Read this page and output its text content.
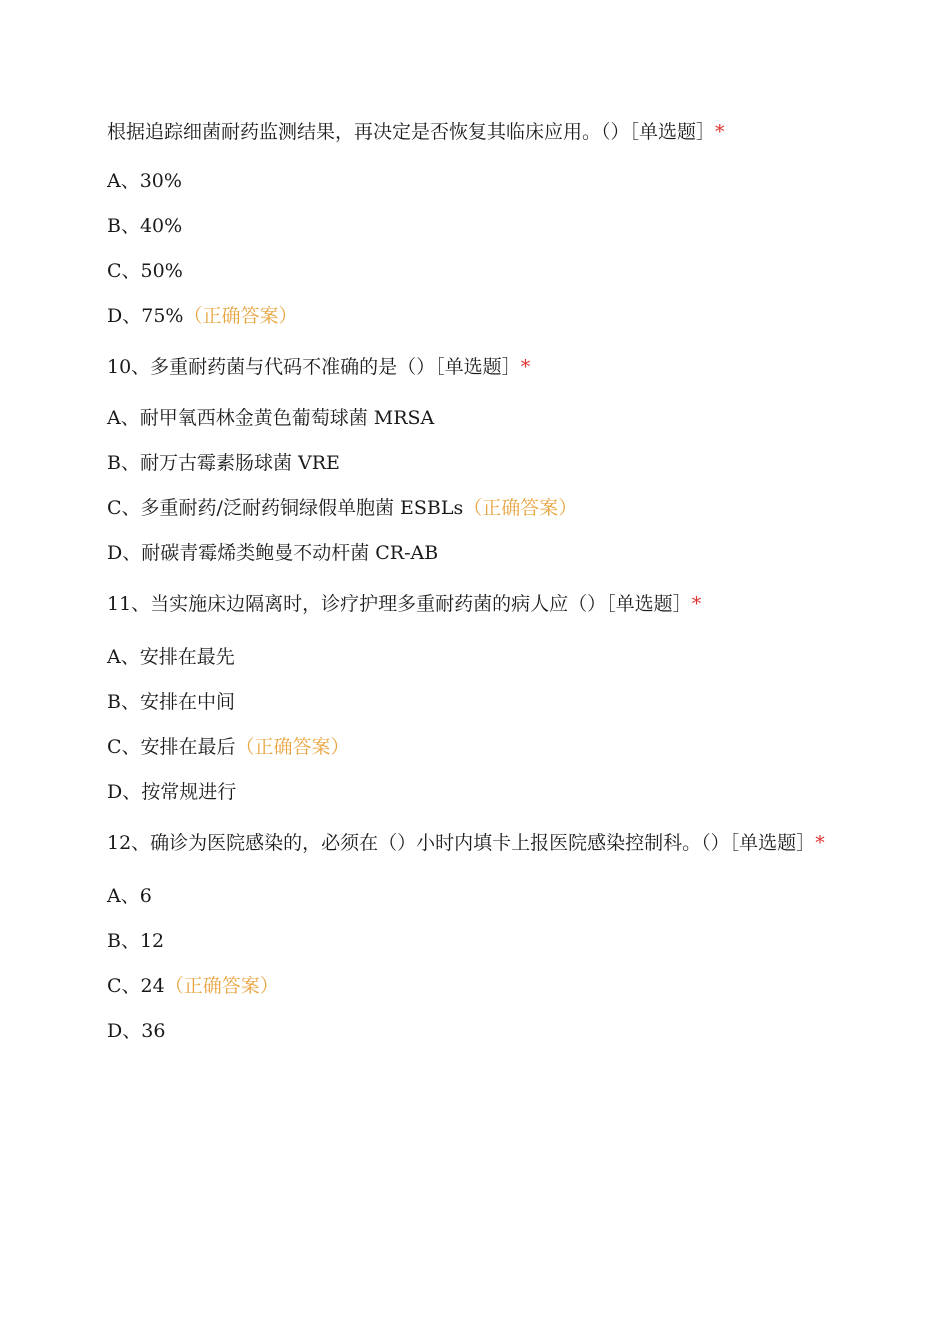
根据追踪细菌耐药监测结果，再决定是否恢复其临床应用。（）［单选题］*

A、30%
B、40%
C、50%
D、75%（正确答案）

10、多重耐药菌与代码不准确的是（）［单选题］*

A、耐甲氧西林金黄色葡萄球菌 MRSA
B、耐万古霉素肠球菌 VRE
C、多重耐药/泛耐药铜绿假单胞菌 ESBLs（正确答案）
D、耐碳青霉烯类鲍曼不动杆菌 CR-AB

11、当实施床边隔离时，诊疗护理多重耐药菌的病人应（）［单选题］*

A、安排在最先
B、安排在中间
C、安排在最后（正确答案）
D、按常规进行

12、确诊为医院感染的，必须在（）小时内填卡上报医院感染控制科。（）［单选题］*

A、6
B、12
C、24（正确答案）
D、36
